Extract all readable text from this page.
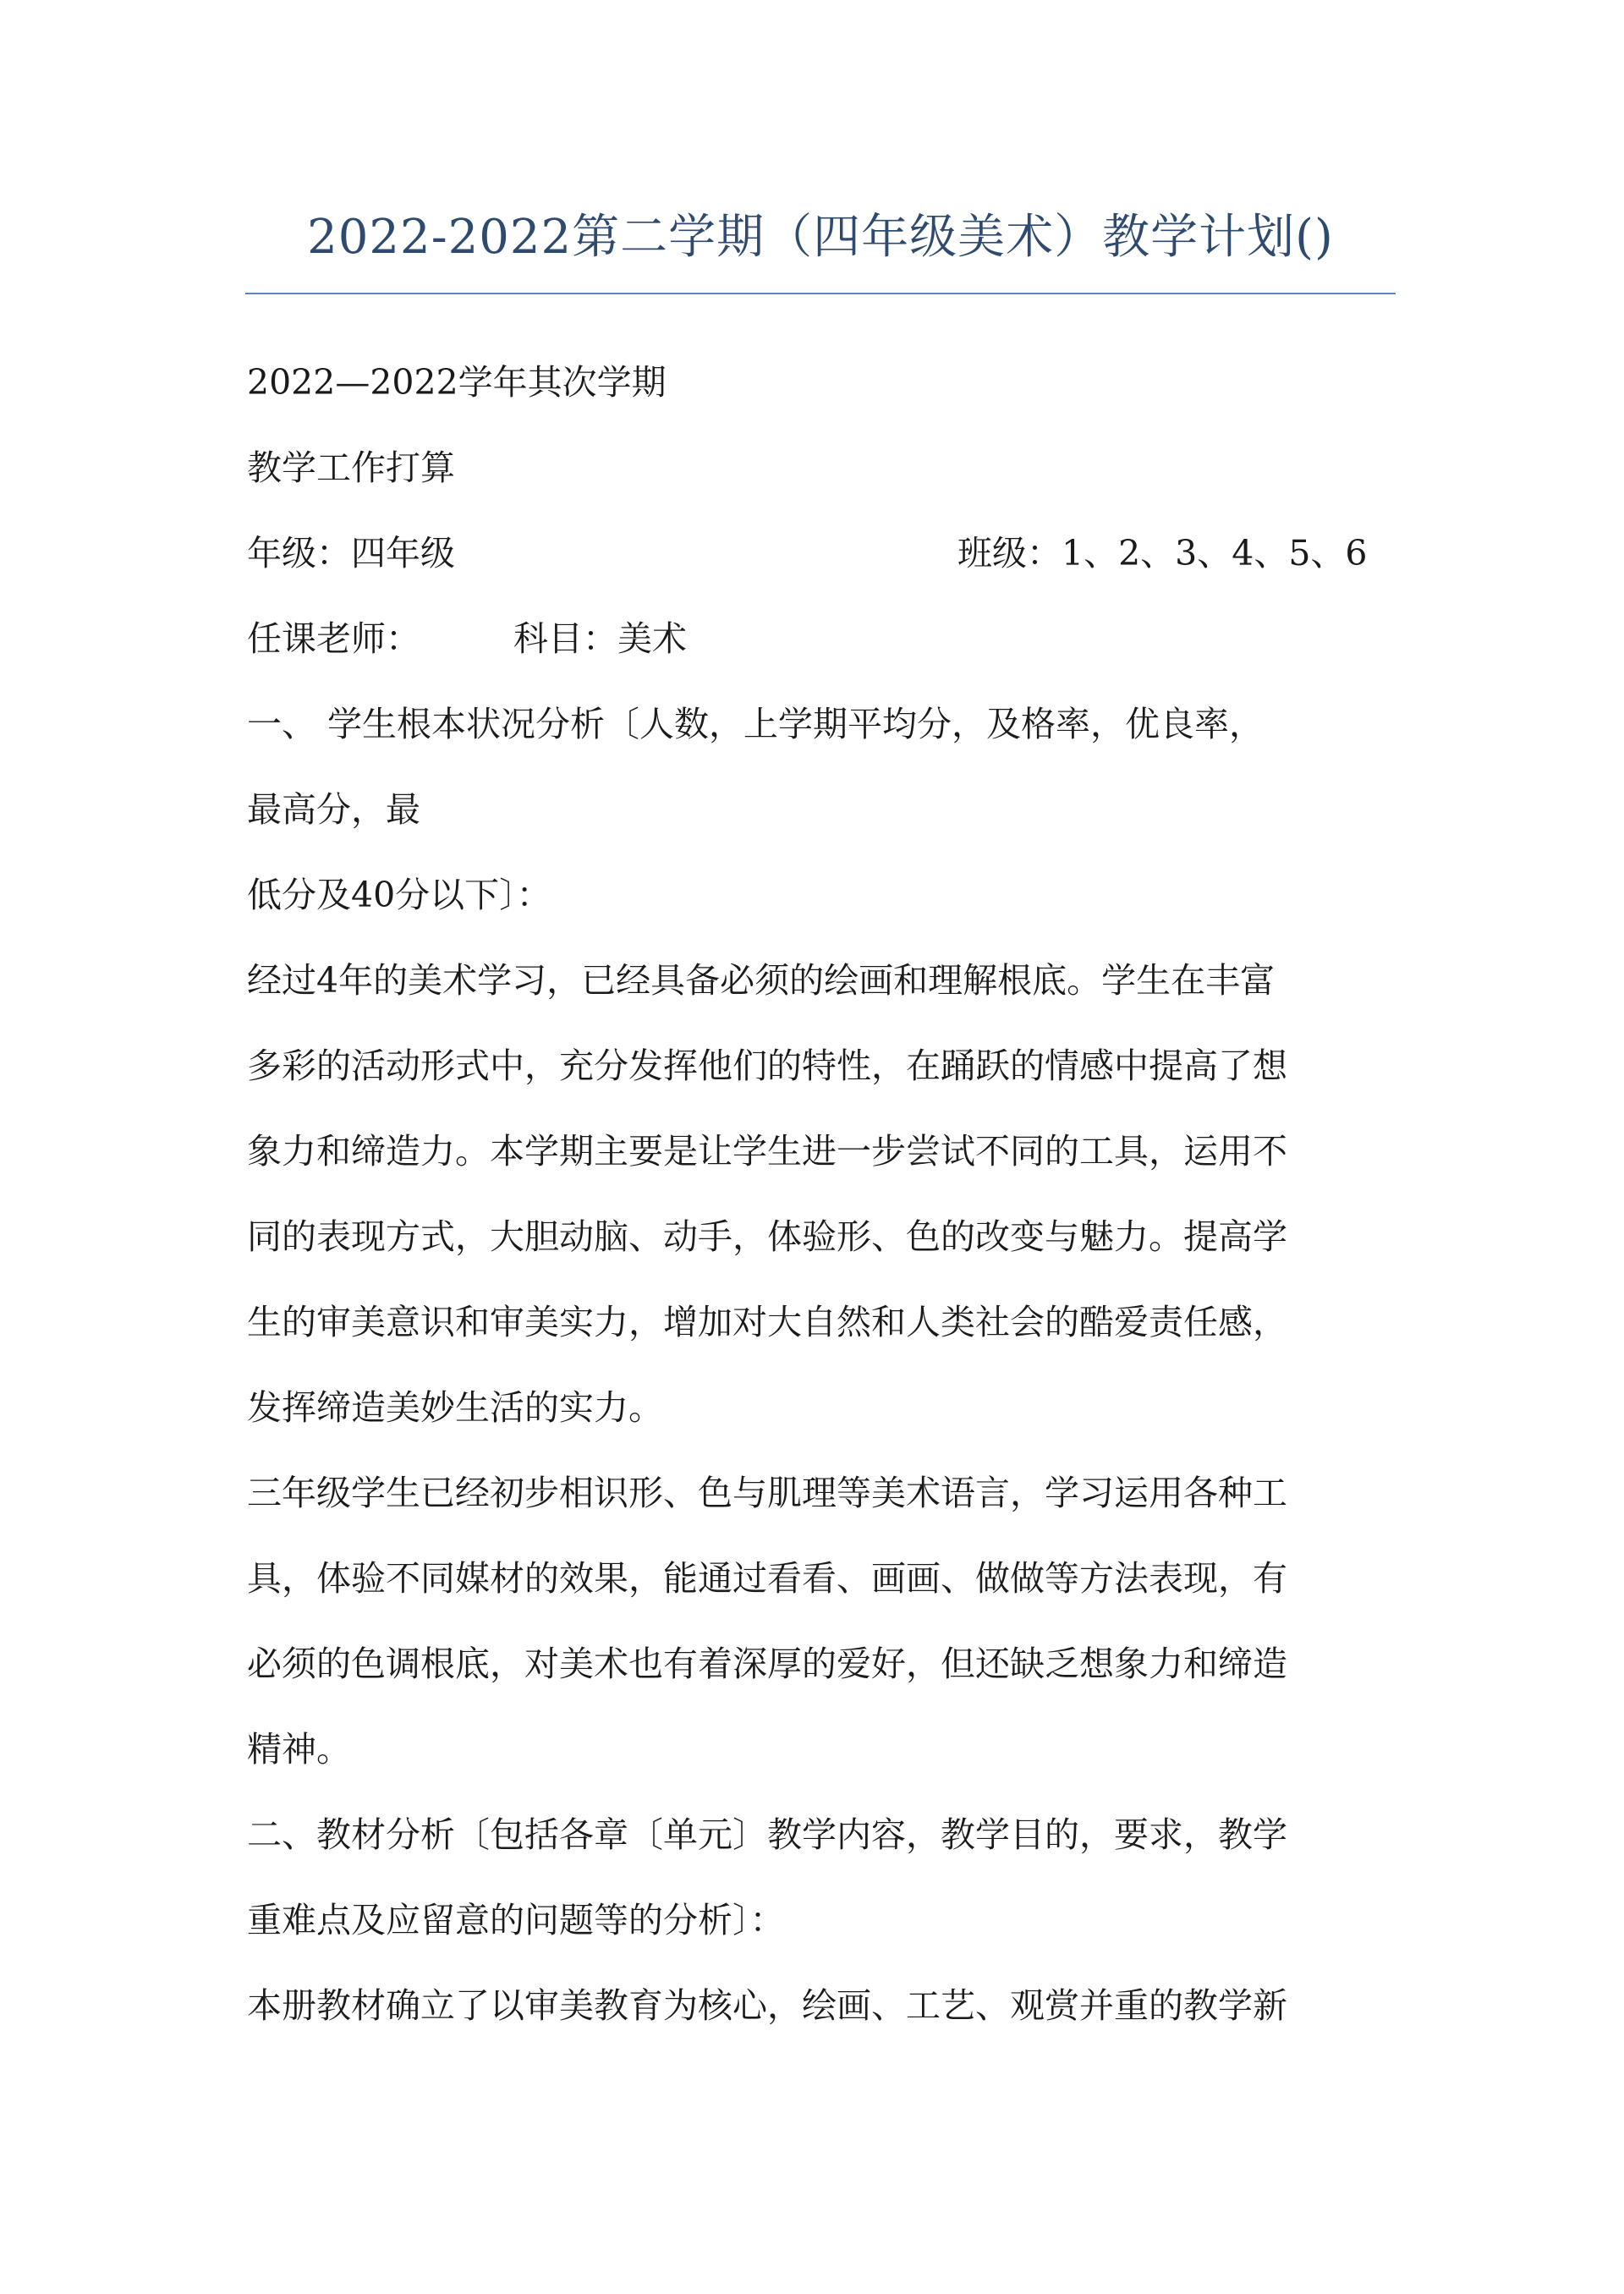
2022-2022第二学期（四年级美术）教学计划()
2022—2022学年其次学期
教学工作打算
年级：四年级	班级：1、2、3、4、5、6
任课老师：	科目：美术
一、 学生根本状况分析〔人数，上学期平均分，及格率，优良率，
最高分，最
低分及40分以下〕：
经过4年的美术学习，已经具备必须的绘画和理解根底。学生在丰富
多彩的活动形式中，充分发挥他们的特性，在踊跃的情感中提高了想
象力和缔造力。本学期主要是让学生进一步尝试不同的工具，运用不
同的表现方式，大胆动脑、动手，体验形、色的改变与魅力。提高学
生的审美意识和审美实力，增加对大自然和人类社会的酷爱责任感，
发挥缔造美妙生活的实力。
三年级学生已经初步相识形、色与肌理等美术语言，学习运用各种工
具，体验不同媒材的效果，能通过看看、画画、做做等方法表现，有
必须的色调根底，对美术也有着深厚的爱好，但还缺乏想象力和缔造
精神。
二、教材分析〔包括各章〔单元〕教学内容，教学目的，要求，教学
重难点及应留意的问题等的分析〕：
本册教材确立了以审美教育为核心，绘画、工艺、观赏并重的教学新
